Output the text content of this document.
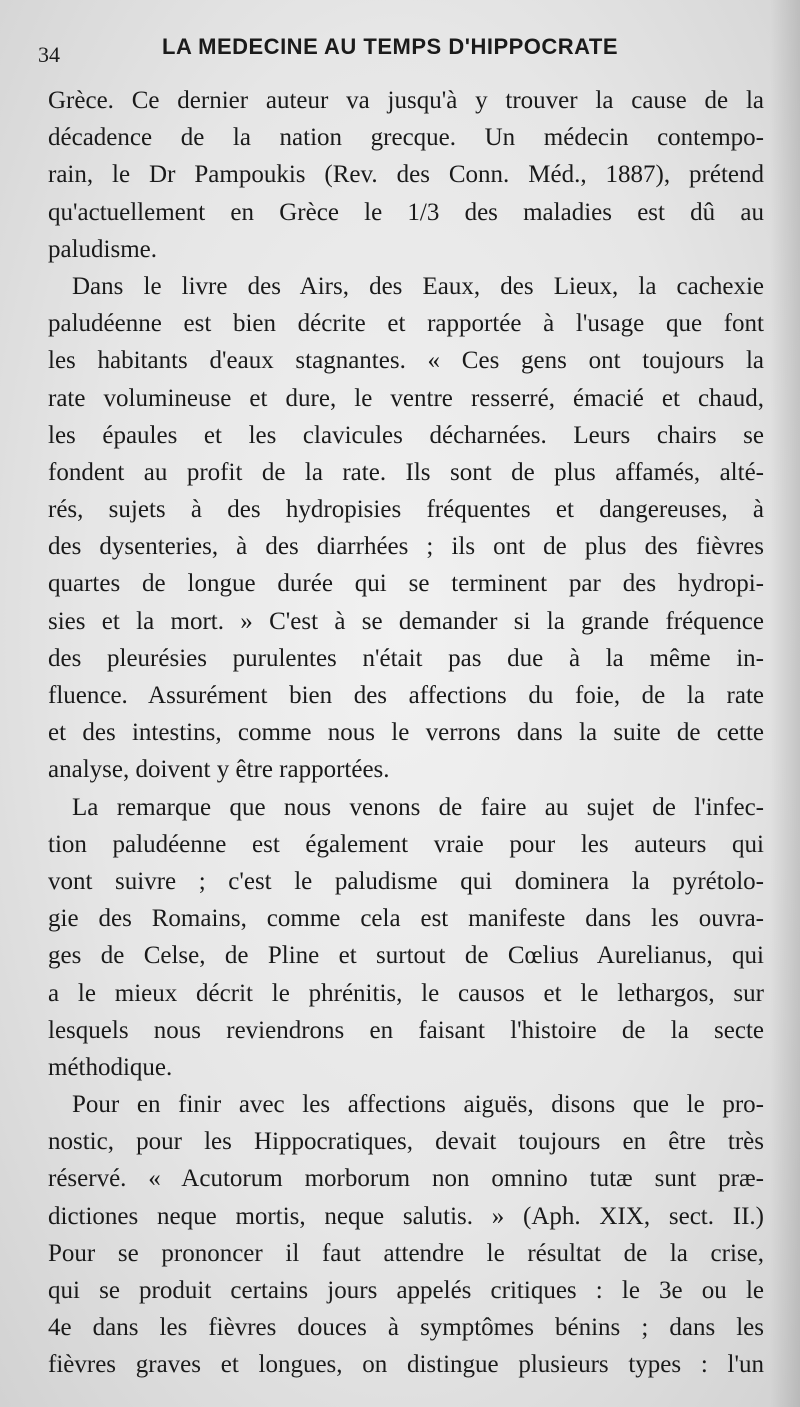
34	LA MEDECINE AU TEMPS D'HIPPOCRATE
Grèce. Ce dernier auteur va jusqu'à y trouver la cause de la
décadence de la nation grecque. Un médecin contempo-
rain, le Dr Pampoukis (Rev. des Conn. Méd., 1887), prétend
qu'actuellement en Grèce le 1/3 des maladies est dû au
paludisme.
Dans le livre des Airs, des Eaux, des Lieux, la cachexie
paludéenne est bien décrite et rapportée à l'usage que font
les habitants d'eaux stagnantes. « Ces gens ont toujours la
rate volumineuse et dure, le ventre resserré, émacié et chaud,
les épaules et les clavicules décharnées. Leurs chairs se
fondent au profit de la rate. Ils sont de plus affamés, alté-
rés, sujets à des hydropisies fréquentes et dangereuses, à
des dysenteries, à des diarrhées ; ils ont de plus des fièvres
quartes de longue durée qui se terminent par des hydropi-
sies et la mort. » C'est à se demander si la grande fréquence
des pleurésies purulentes n'était pas due à la même in-
fluence. Assurément bien des affections du foie, de la rate
et des intestins, comme nous le verrons dans la suite de cette
analyse, doivent y être rapportées.
La remarque que nous venons de faire au sujet de l'infec-
tion paludéenne est également vraie pour les auteurs qui
vont suivre ; c'est le paludisme qui dominera la pyrétolo-
gie des Romains, comme cela est manifeste dans les ouvra-
ges de Celse, de Pline et surtout de Cœlius Aurelianus, qui
a le mieux décrit le phrénitis, le causos et le lethargos, sur
lesquels nous reviendrons en faisant l'histoire de la secte
méthodique.
Pour en finir avec les affections aiguës, disons que le pro-
nostic, pour les Hippocratiques, devait toujours en être très
réservé. « Acutorum morborum non omnino tutæ sunt præ-
dictiones neque mortis, neque salutis. » (Aph. XIX, sect. II.)
Pour se prononcer il faut attendre le résultat de la crise,
qui se produit certains jours appelés critiques : le 3e ou le
4e dans les fièvres douces à symptômes bénins ; dans les
fièvres graves et longues, on distingue plusieurs types : l'un
